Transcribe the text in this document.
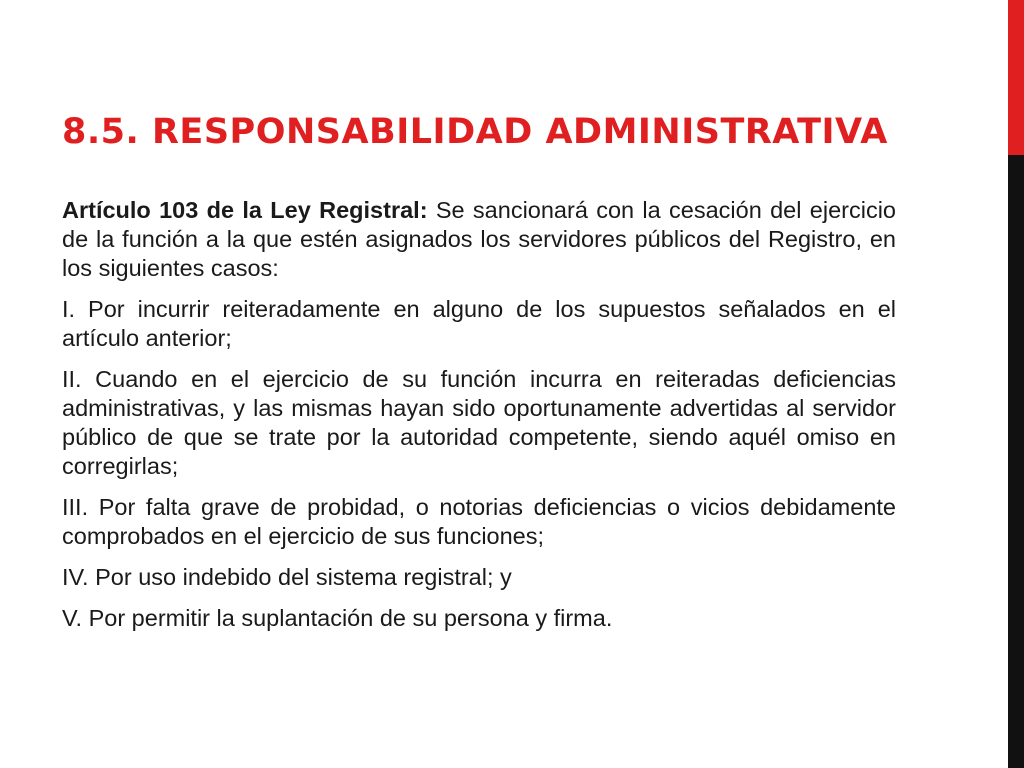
8.5. RESPONSABILIDAD ADMINISTRATIVA

Artículo 103 de la Ley Registral: Se sancionará con la cesación del ejercicio de la función a la que estén asignados los servidores públicos del Registro, en los siguientes casos:

I. Por incurrir reiteradamente en alguno de los supuestos señalados en el artículo anterior;

II. Cuando en el ejercicio de su función incurra en reiteradas deficiencias administrativas, y las mismas hayan sido oportunamente advertidas al servidor público de que se trate por la autoridad competente, siendo aquél omiso en corregirlas;

III. Por falta grave de probidad, o notorias deficiencias o vicios debidamente comprobados en el ejercicio de sus funciones;

IV. Por uso indebido del sistema registral; y

V. Por permitir la suplantación de su persona y firma.
